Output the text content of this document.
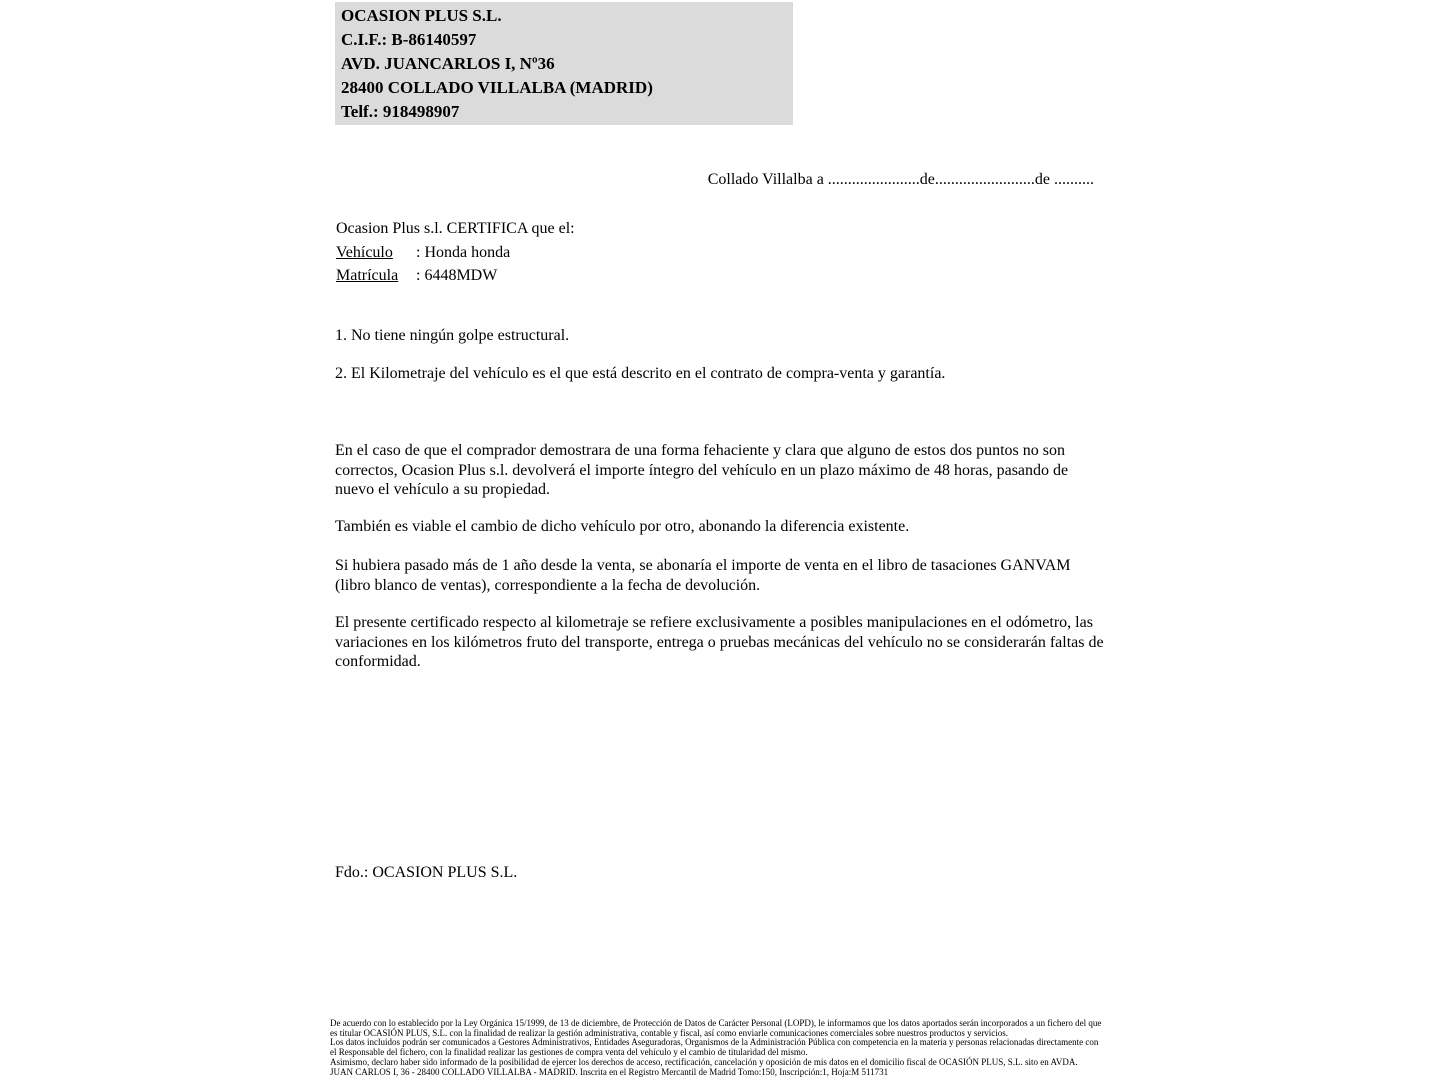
OCASION PLUS S.L.
C.I.F.: B-86140597
AVD. JUANCARLOS I, Nº36
28400 COLLADO VILLALBA (MADRID)
Telf.: 918498907
Collado Villalba a .......................de.........................de ..........
Ocasion Plus s.l. CERTIFICA que el:
Vehículo : Honda honda
Matrícula : 6448MDW

1. No tiene ningún golpe estructural.

2. El Kilometraje del vehículo es el que está descrito en el contrato de compra-venta y garantía.

En el caso de que el comprador demostrara de una forma fehaciente y clara que alguno de estos dos puntos no son correctos, Ocasion Plus s.l. devolverá el importe íntegro del vehículo en un plazo máximo de 48 horas, pasando de nuevo el vehículo a su propiedad.

También es viable el cambio de dicho vehículo por otro, abonando la diferencia existente.

Si hubiera pasado más de 1 año desde la venta, se abonaría el importe de venta en el libro de tasaciones GANVAM (libro blanco de ventas), correspondiente a la fecha de devolución.

El presente certificado respecto al kilometraje se refiere exclusivamente a posibles manipulaciones en el odómetro, las variaciones en los kilómetros fruto del transporte, entrega o pruebas mecánicas del vehículo no se considerarán faltas de conformidad.

Fdo.: OCASION PLUS S.L.

De acuerdo con lo establecido por la Ley Orgánica 15/1999, de 13 de diciembre, de Protección de Datos de Carácter Personal (LOPD), le informamos que los datos aportados serán incorporados a un fichero del que es titular OCASIÓN PLUS, S.L. con la finalidad de realizar la gestión administrativa, contable y fiscal, así como enviarle comunicaciones comerciales sobre nuestros productos y servicios.

Los datos incluidos podrán ser comunicados a Gestores Administrativos, Entidades Aseguradoras, Organismos de la Administración Pública con competencia en la materia y personas relacionadas directamente con el Responsable del fichero, con la finalidad realizar las gestiones de compra venta del vehículo y el cambio de titularidad del mismo.

Asimismo, declaro haber sido informado de la posibilidad de ejercer los derechos de acceso, rectificación, cancelación y oposición de mis datos en el domicilio fiscal de OCASIÓN PLUS, S.L. sito en AVDA. JUAN CARLOS I, 36 - 28400 COLLADO VILLALBA - MADRID. Inscrita en el Registro Mercantil de Madrid Tomo:150, Inscripción:1, Hoja:M 511731
